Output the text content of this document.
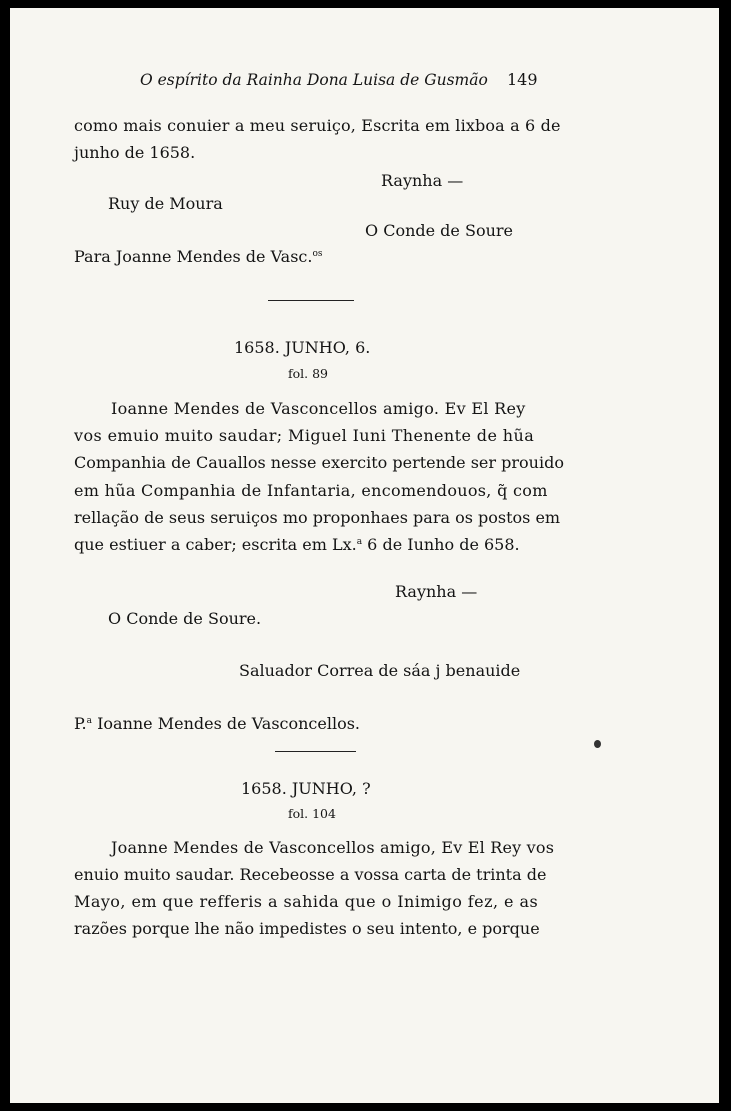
O espírito da Rainha Dona Luisa de Gusmão 149
como mais conuier a meu seruiço, Escrita em lixboa a 6 de
junho de 1658.
Raynha —
Ruy de Moura
O Conde de Soure
Para Joanne Mendes de Vasc.$^{os}$
1658. JUNHO, 6.
fol. 89
Ioanne Mendes de Vasconcellos amigo. Ev El Rey
vos emuio muito saudar; Miguel Iuni Thenente de hũa
Companhia de Cauallos nesse exercito pertende ser prouido
em hũa Companhia de Infantaria, encomendouos, q̃ com
rellação de seus seruiços mo proponhaes para os postos em
que estiuer a caber; escrita em Lx.$^a$ 6 de Iunho de 658.
Raynha —
O Conde de Soure.
Saluador Correa de sáa j benauide
P.$^a$ Ioanne Mendes de Vasconcellos.
1658. JUNHO, ?
fol. 104
Joanne Mendes de Vasconcellos amigo, Ev El Rey vos
enuio muito saudar. Recebeosse a vossa carta de trinta de
Mayo, em que refferis a sahida que o Inimigo fez, e as
razões porque lhe não impedistes o seu intento, e porque
